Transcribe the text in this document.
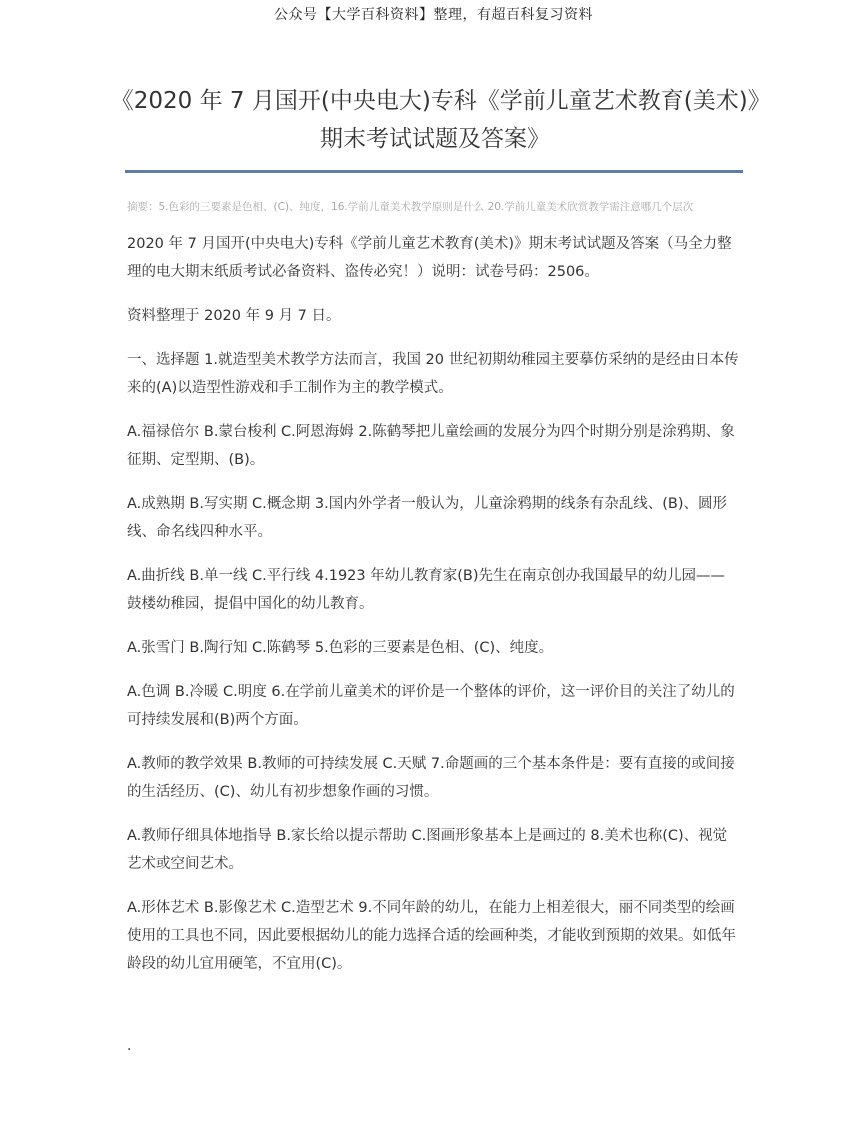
公众号【大学百科资料】整理，有超百科复习资料
《2020 年 7 月国开(中央电大)专科《学前儿童艺术教育(美术)》期末考试试题及答案》
摘要：5.色彩的三要素是色相、(C)、纯度，16.学前儿童美术教学原则是什么 20.学前儿童美术欣赏教学需注意哪几个层次

2020 年 7 月国开(中央电大)专科《学前儿童艺术教育(美术)》期末考试试题及答案（马全力整理的电大期末纸质考试必备资料、盗传必究！）说明：试卷号码：2506。

资料整理于 2020 年 9 月 7 日。

一、选择题 1.就造型美术教学方法而言，我国 20 世纪初期幼稚园主要摹仿采纳的是经由日本传来的(A)以造型性游戏和手工制作为主的教学模式。

A.福禄倍尔 B.蒙台梭利 C.阿恩海姆 2.陈鹤琴把儿童绘画的发展分为四个时期分别是涂鸦期、象征期、定型期、(B)。

A.成熟期 B.写实期 C.概念期 3.国内外学者一般认为，儿童涂鸦期的线条有杂乱线、(B)、圆形线、命名线四种水平。

A.曲折线 B.单一线 C.平行线 4.1923 年幼儿教育家(B)先生在南京创办我国最早的幼儿园——鼓楼幼稚园，提倡中国化的幼儿教育。

A.张雪门 B.陶行知 C.陈鹤琴 5.色彩的三要素是色相、(C)、纯度。

A.色调 B.冷暖 C.明度 6.在学前儿童美术的评价是一个整体的评价，这一评价目的关注了幼儿的可持续发展和(B)两个方面。

A.教师的教学效果 B.教师的可持续发展 C.天赋 7.命题画的三个基本条件是：要有直接的或间接的生活经历、(C)、幼儿有初步想象作画的习惯。

A.教师仔细具体地指导 B.家长给以提示帮助 C.图画形象基本上是画过的 8.美术也称(C)、视觉艺术或空间艺术。

A.形体艺术 B.影像艺术 C.造型艺术 9.不同年龄的幼儿，在能力上相差很大，丽不同类型的绘画使用的工具也不同，因此要根据幼儿的能力选择合适的绘画种类，才能收到预期的效果。如低年龄段的幼儿宜用硬笔，不宜用(C)。

.
